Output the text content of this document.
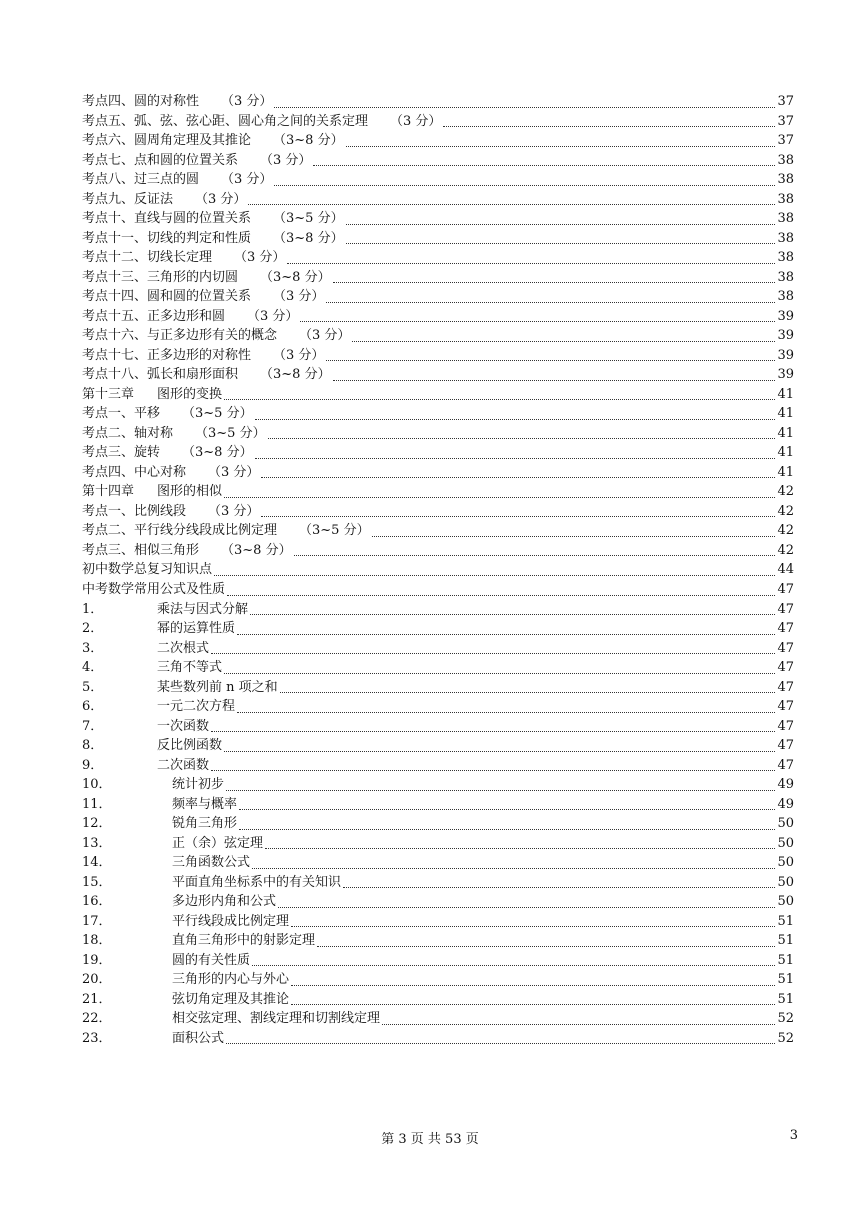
考点四、圆的对称性 （3 分）	37
考点五、弧、弦、弦心距、圆心角之间的关系定理 （3 分）	37
考点六、圆周角定理及其推论 （3~8 分）	37
考点七、点和圆的位置关系 （3 分）	38
考点八、过三点的圆 （3 分）	38
考点九、反证法 （3 分）	38
考点十、直线与圆的位置关系 （3~5 分）	38
考点十一、切线的判定和性质 （3~8 分）	38
考点十二、切线长定理 （3 分）	38
考点十三、三角形的内切圆 （3~8 分）	38
考点十四、圆和圆的位置关系 （3 分）	38
考点十五、正多边形和圆 （3 分）	39
考点十六、与正多边形有关的概念 （3 分）	39
考点十七、正多边形的对称性 （3 分）	39
考点十八、弧长和扇形面积 （3~8 分）	39
第十三章	图形的变换	41
考点一、平移 （3~5 分）	41
考点二、轴对称 （3~5 分）	41
考点三、旋转 （3~8 分）	41
考点四、中心对称 （3 分）	41
第十四章	图形的相似	42
考点一、比例线段 （3 分）	42
考点二、平行线分线段成比例定理 （3~5 分）	42
考点三、相似三角形 （3~8 分）	42
初中数学总复习知识点	44
中考数学常用公式及性质	47
1．	乘法与因式分解	47
2．	幂的运算性质	47
3．	二次根式	47
4．	三角不等式	47
5．	某些数列前 n 项之和	47
6．	一元二次方程	47
7．	一次函数	47
8．	反比例函数	47
9．	二次函数	47
10．	统计初步	49
11．	频率与概率	49
12．	锐角三角形	50
13．	正（余）弦定理	50
14．	三角函数公式	50
15．	平面直角坐标系中的有关知识	50
16．	多边形内角和公式	50
17．	平行线段成比例定理	51
18．	直角三角形中的射影定理	51
19．	圆的有关性质	51
20．	三角形的内心与外心	51
21．	弦切角定理及其推论	51
22．	相交弦定理、割线定理和切割线定理	52
23．	面积公式	52
第 3 页 共 53 页	3
